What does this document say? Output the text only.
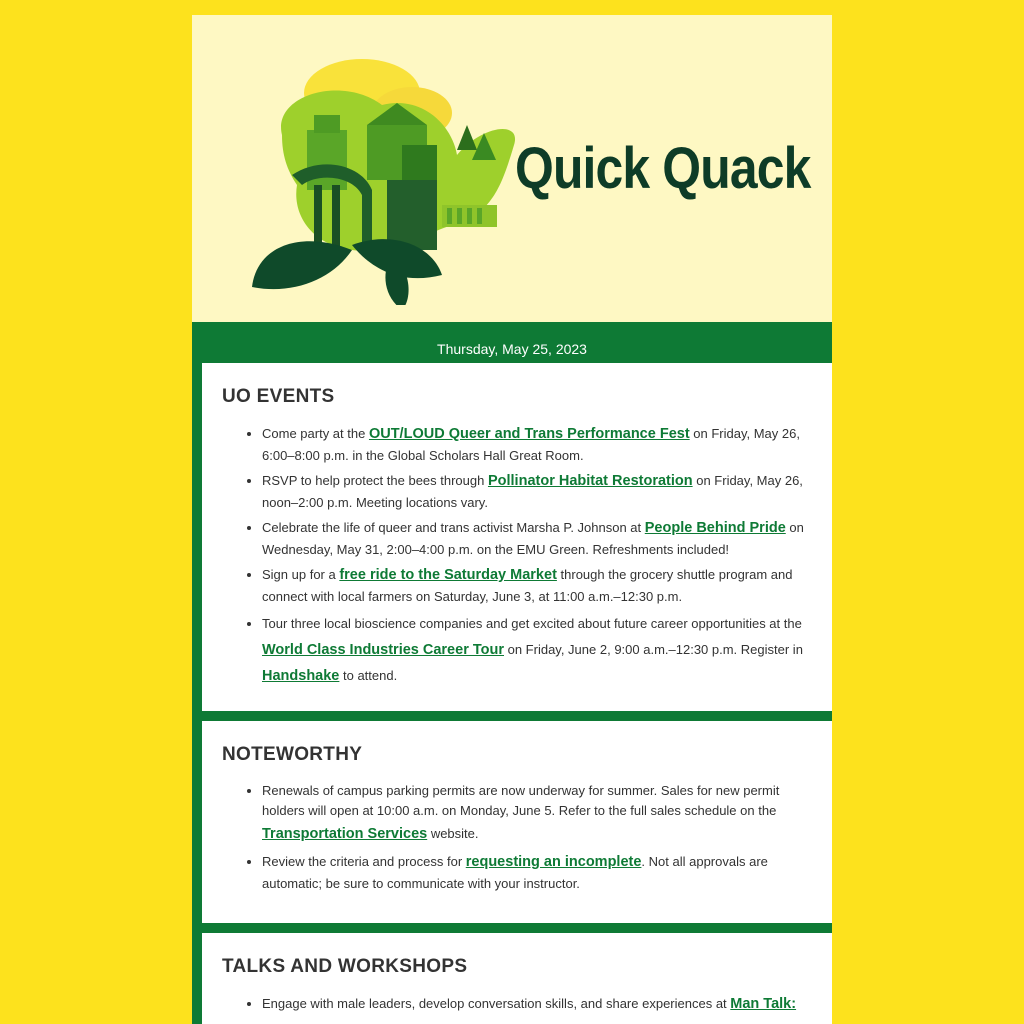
Quick Quack
Thursday, May 25, 2023
UO EVENTS
• Come party at the OUT/LOUD Queer and Trans Performance Fest on Friday, May 26, 6:00–8:00 p.m. in the Global Scholars Hall Great Room.
• RSVP to help protect the bees through Pollinator Habitat Restoration on Friday, May 26, noon–2:00 p.m. Meeting locations vary.
• Celebrate the life of queer and trans activist Marsha P. Johnson at People Behind Pride on Wednesday, May 31, 2:00–4:00 p.m. on the EMU Green. Refreshments included!
• Sign up for a free ride to the Saturday Market through the grocery shuttle program and connect with local farmers on Saturday, June 3, at 11:00 a.m.–12:30 p.m.
• Tour three local bioscience companies and get excited about future career opportunities at the World Class Industries Career Tour on Friday, June 2, 9:00 a.m.–12:30 p.m. Register in Handshake to attend.
NOTEWORTHY
• Renewals of campus parking permits are now underway for summer. Sales for new permit holders will open at 10:00 a.m. on Monday, June 5. Refer to the full sales schedule on the Transportation Services website.
• Review the criteria and process for requesting an incomplete. Not all approvals are automatic; be sure to communicate with your instructor.
TALKS AND WORKSHOPS
• Engage with male leaders, develop conversation skills, and share experiences at Man Talk:
